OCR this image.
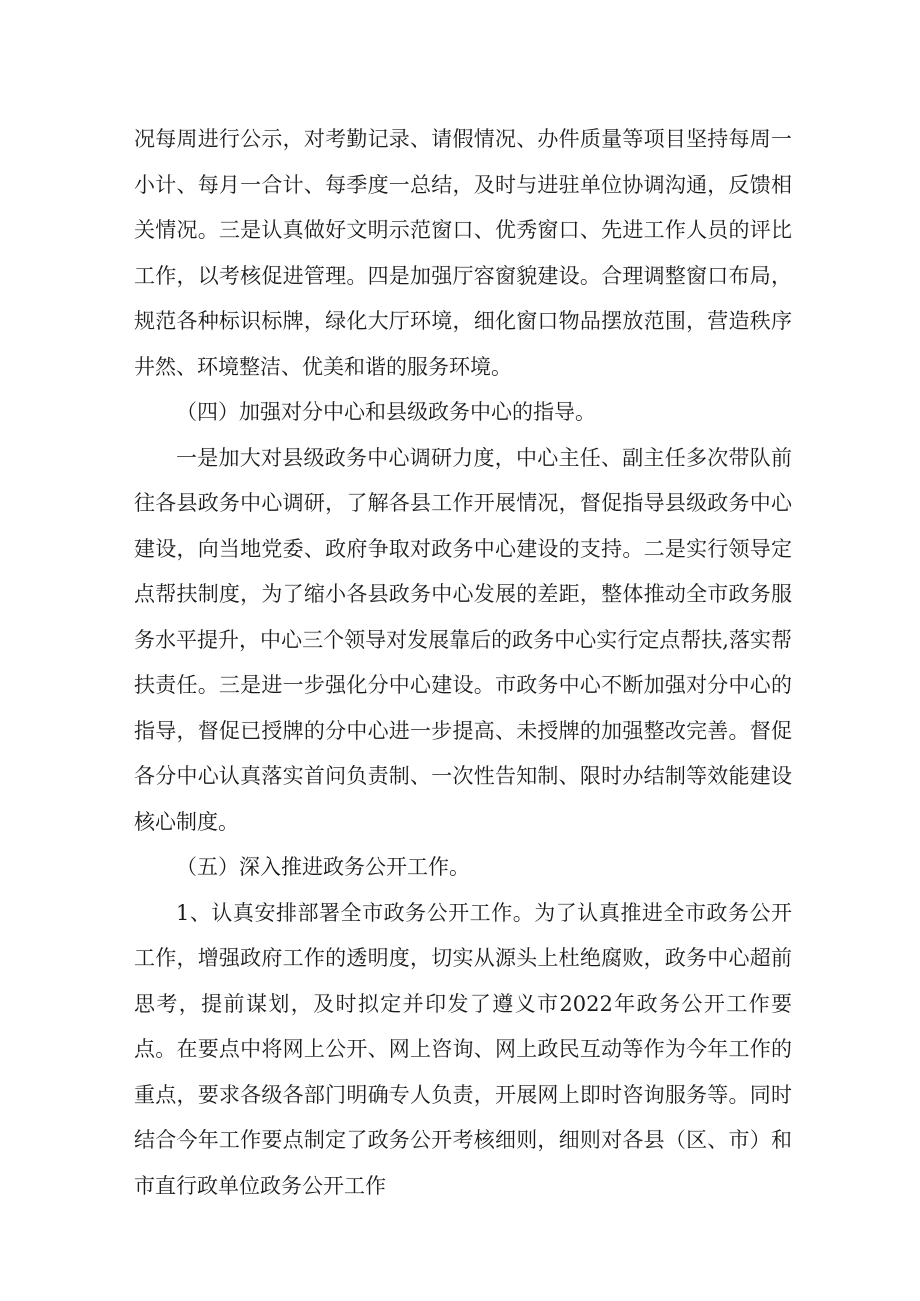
况每周进行公示，对考勤记录、请假情况、办件质量等项目坚持每周一小计、每月一合计、每季度一总结，及时与进驻单位协调沟通，反馈相关情况。三是认真做好文明示范窗口、优秀窗口、先进工作人员的评比工作，以考核促进管理。四是加强厅容窗貌建设。合理调整窗口布局，规范各种标识标牌，绿化大厅环境，细化窗口物品摆放范围，营造秩序井然、环境整洁、优美和谐的服务环境。

（四）加强对分中心和县级政务中心的指导。

一是加大对县级政务中心调研力度，中心主任、副主任多次带队前往各县政务中心调研，了解各县工作开展情况，督促指导县级政务中心建设，向当地党委、政府争取对政务中心建设的支持。二是实行领导定点帮扶制度，为了缩小各县政务中心发展的差距，整体推动全市政务服务水平提升，中心三个领导对发展靠后的政务中心实行定点帮扶,落实帮扶责任。三是进一步强化分中心建设。市政务中心不断加强对分中心的指导，督促已授牌的分中心进一步提高、未授牌的加强整改完善。督促各分中心认真落实首问负责制、一次性告知制、限时办结制等效能建设核心制度。

（五）深入推进政务公开工作。

1、认真安排部署全市政务公开工作。为了认真推进全市政务公开工作，增强政府工作的透明度，切实从源头上杜绝腐败，政务中心超前思考，提前谋划，及时拟定并印发了遵义市2022年政务公开工作要点。在要点中将网上公开、网上咨询、网上政民互动等作为今年工作的重点，要求各级各部门明确专人负责，开展网上即时咨询服务等。同时结合今年工作要点制定了政务公开考核细则，细则对各县（区、市）和市直行政单位政务公开工作
